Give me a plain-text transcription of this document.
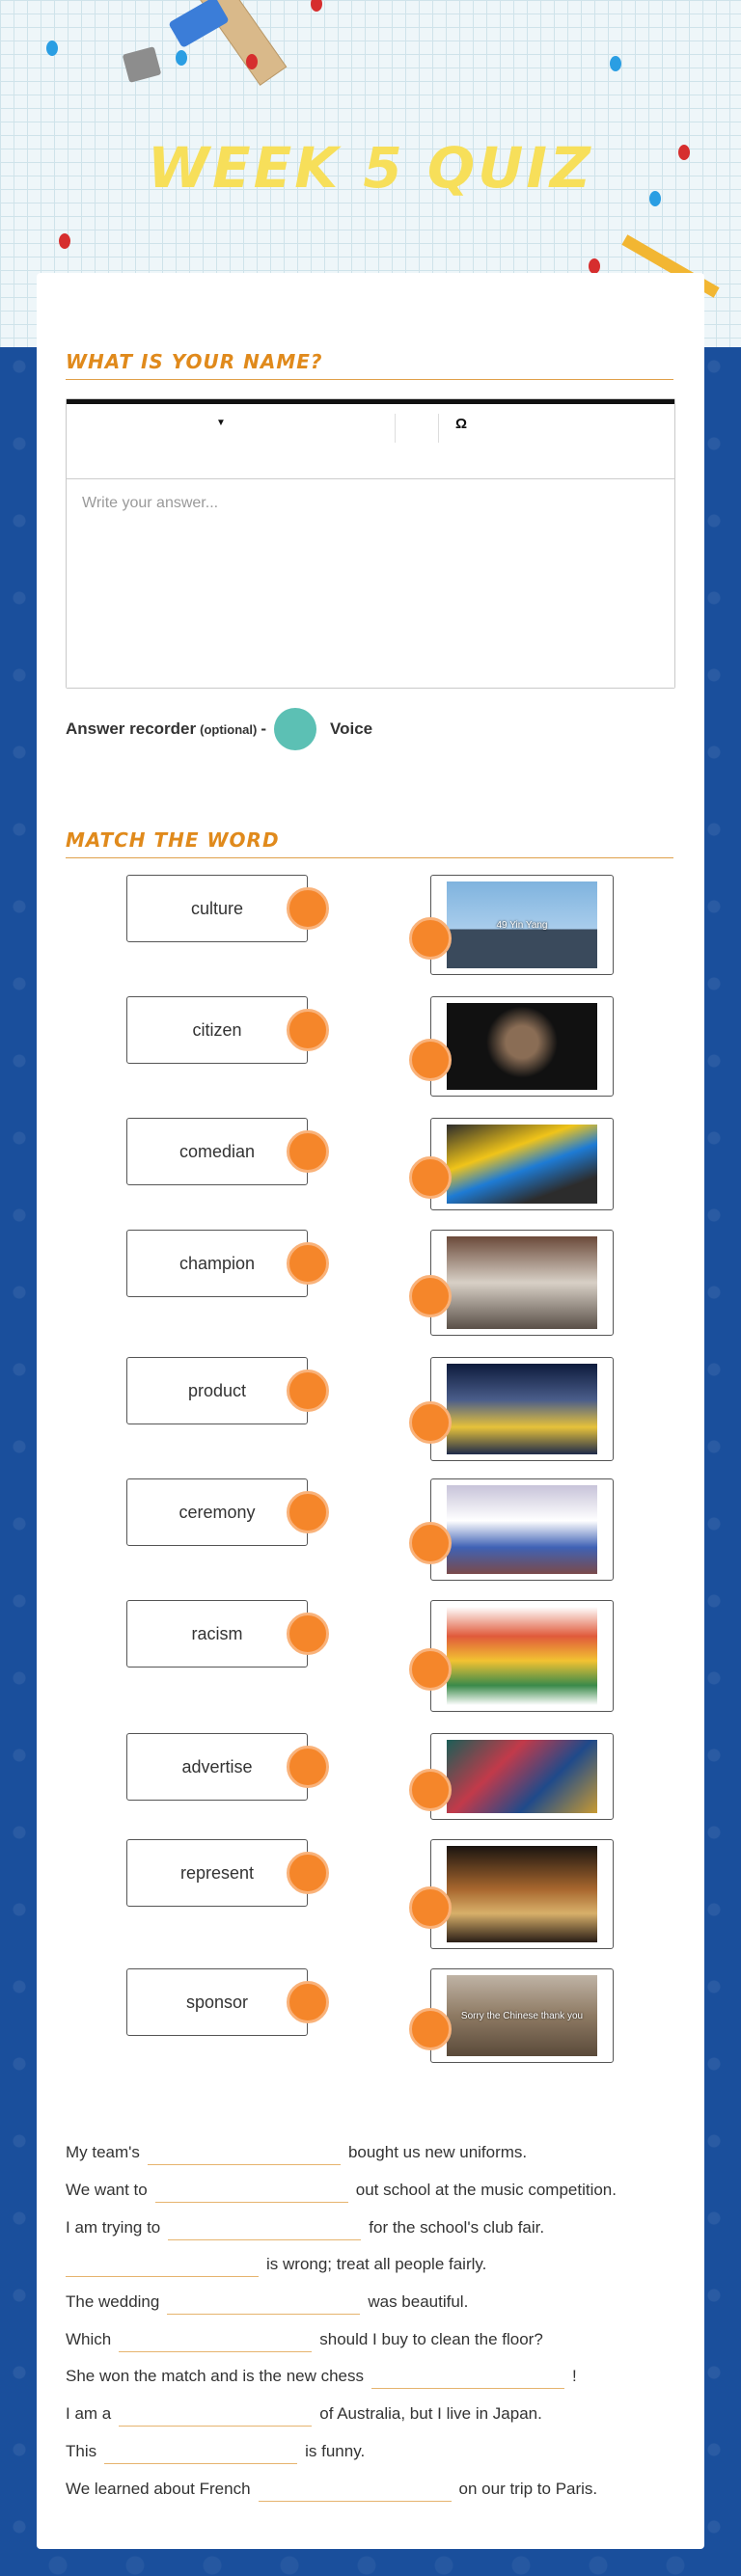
WEEK 5 QUIZ
WHAT IS YOUR NAME?
▼	Ω
Write your answer...
Answer recorder (optional) -	Voice
MATCH THE WORD
culture
49 Yin Yang
citizen
comedian
champion
product
ceremony
racism
advertise
represent
sponsor
Sorry the Chinese thank you
My team's	bought us new uniforms.
We want to	out school at the music competition.
I am trying to	for the school's club fair.
is wrong; treat all people fairly.
The wedding	was beautiful.
Which	should I buy to clean the floor?
She won the match and is the new chess	!
I am a	of Australia, but I live in Japan.
This	is funny.
We learned about French	on our trip to Paris.
